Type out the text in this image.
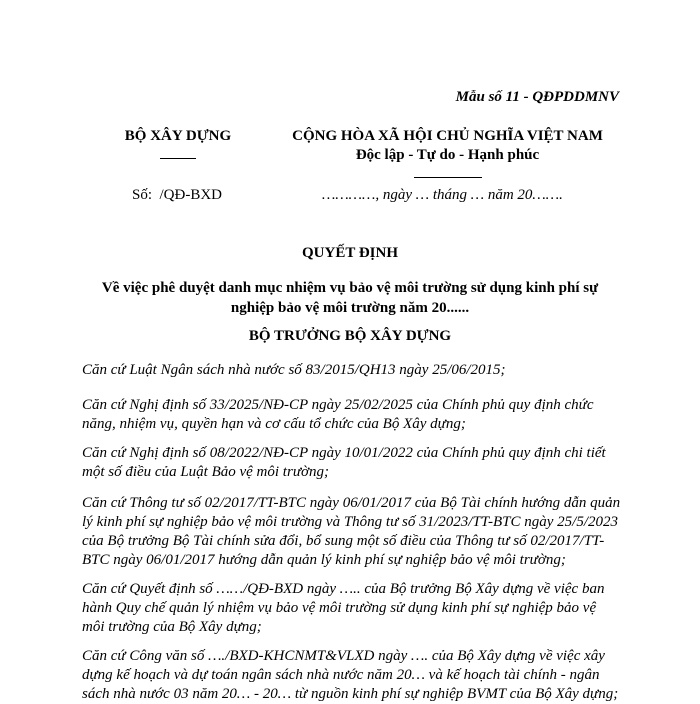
Mẫu số 11 - QĐPDDMNV
BỘ XÂY DỰNG	CỘNG HÒA XÃ HỘI CHỦ NGHĨA VIỆT NAM
Độc lập - Tự do - Hạnh phúc
Số:  /QĐ-BXD	…………, ngày … tháng … năm 20…….
QUYẾT ĐỊNH
Về việc phê duyệt danh mục nhiệm vụ bảo vệ môi trường sử dụng kinh phí sự
nghiệp bảo vệ môi trường năm 20......
BỘ TRƯỞNG BỘ XÂY DỰNG
Căn cứ Luật Ngân sách nhà nước số 83/2015/QH13 ngày 25/06/2015;
Căn cứ Nghị định số 33/2025/NĐ-CP ngày 25/02/2025 của Chính phủ quy định chức
năng, nhiệm vụ, quyền hạn và cơ cấu tổ chức của Bộ Xây dựng;
Căn cứ Nghị định số 08/2022/NĐ-CP ngày 10/01/2022 của Chính phủ quy định chi tiết
một số điều của Luật Bảo vệ môi trường;
Căn cứ Thông tư số 02/2017/TT-BTC ngày 06/01/2017 của Bộ Tài chính hướng dẫn quản
lý kinh phí sự nghiệp bảo vệ môi trường và Thông tư số 31/2023/TT-BTC ngày 25/5/2023
của Bộ trưởng Bộ Tài chính sửa đổi, bổ sung một số điều của Thông tư số 02/2017/TT-
BTC ngày 06/01/2017 hướng dẫn quản lý kinh phí sự nghiệp bảo vệ môi trường;
Căn cứ Quyết định số ……/QĐ-BXD ngày ….. của Bộ trưởng Bộ Xây dựng về việc ban
hành Quy chế quản lý nhiệm vụ bảo vệ môi trường sử dụng kinh phí sự nghiệp bảo vệ
môi trường của Bộ Xây dựng;
Căn cứ Công văn số …./BXD-KHCNMT&VLXD ngày …. của Bộ Xây dựng về việc xây
dựng kế hoạch và dự toán ngân sách nhà nước năm 20… và kế hoạch tài chính - ngân
sách nhà nước 03 năm 20… - 20… từ nguồn kinh phí sự nghiệp BVMT của Bộ Xây dựng;
